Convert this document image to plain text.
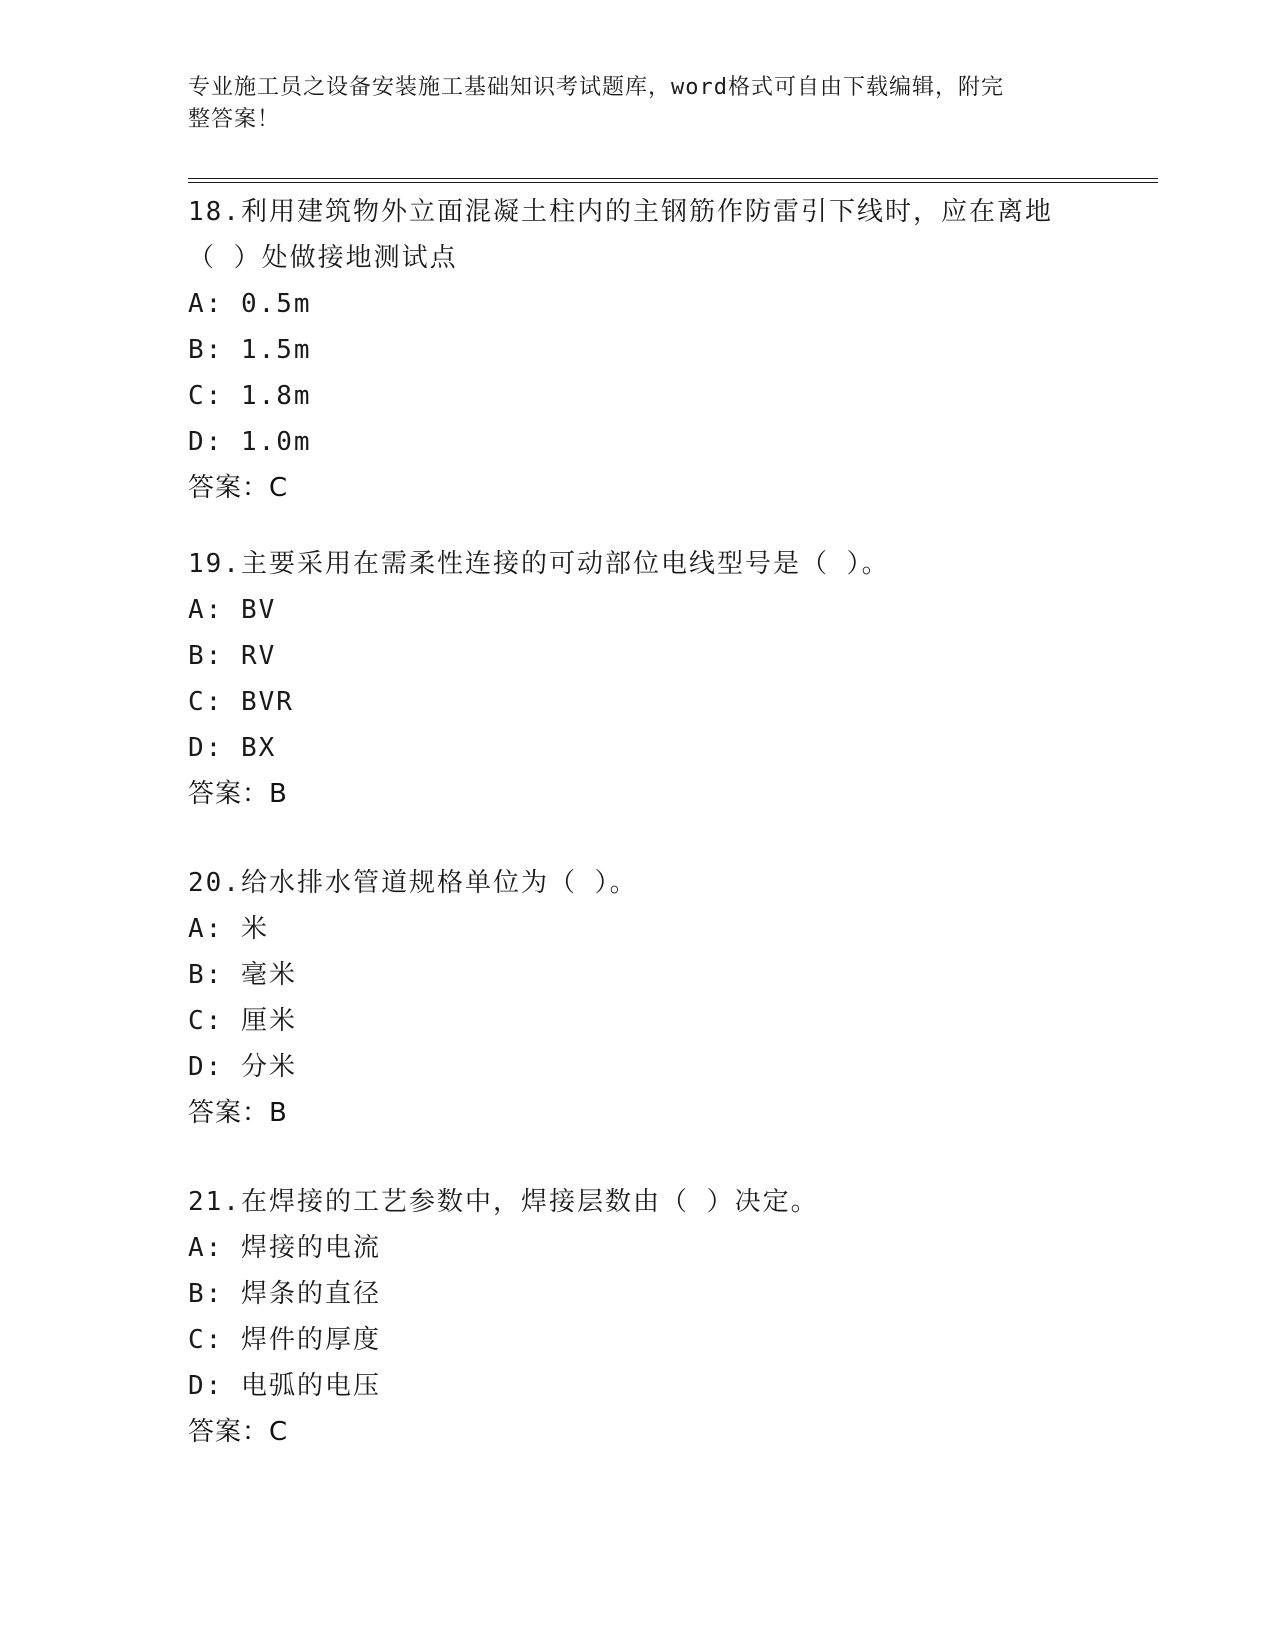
专业施工员之设备安装施工基础知识考试题库，word格式可自由下载编辑，附完
整答案！
18.利用建筑物外立面混凝土柱内的主钢筋作防雷引下线时，应在离地
（ ）处做接地测试点
A: 0.5m
B: 1.5m
C: 1.8m
D: 1.0m
答案：C
19.主要采用在需柔性连接的可动部位电线型号是（ ）。
A: BV
B: RV
C: BVR
D: BX
答案：B
20.给水排水管道规格单位为（ ）。
A: 米
B: 毫米
C: 厘米
D: 分米
答案：B
21.在焊接的工艺参数中，焊接层数由（ ）决定。
A: 焊接的电流
B: 焊条的直径
C: 焊件的厚度
D: 电弧的电压
答案：C
